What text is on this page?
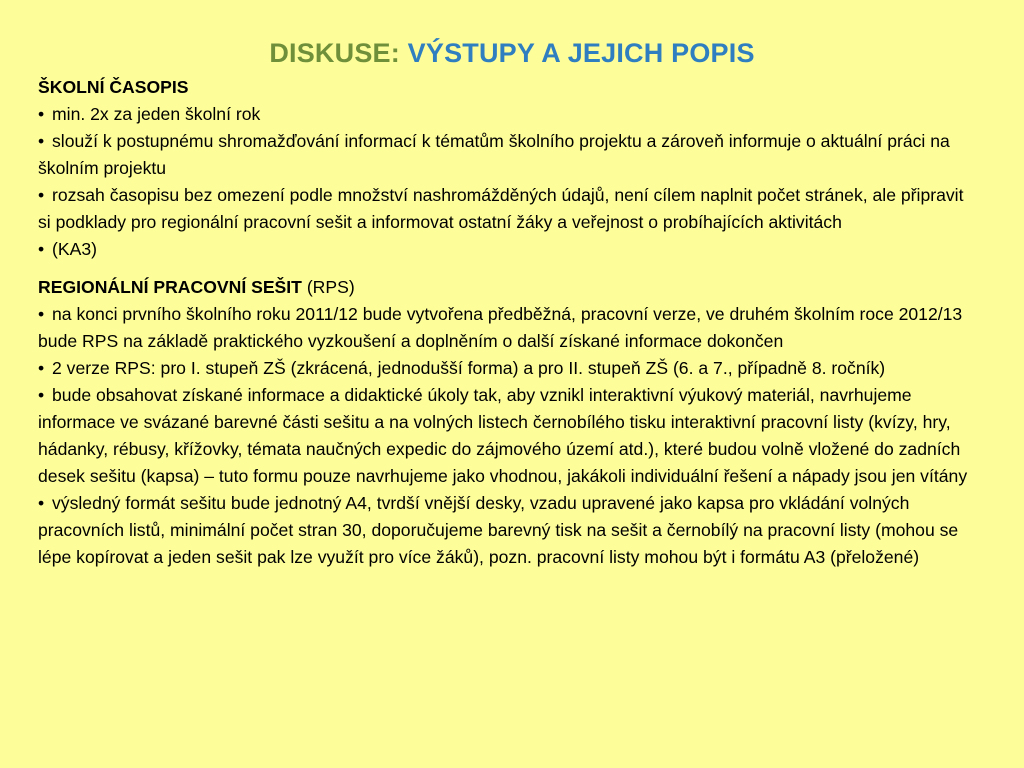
DISKUSE: VÝSTUPY A JEJICH POPIS
ŠKOLNÍ ČASOPIS
• min. 2x za jeden školní rok
• slouží k postupnému shromažďování informací k tématům školního projektu a zároveň informuje o aktuální práci na školním projektu
• rozsah časopisu bez omezení podle množství nashromážděných údajů, není cílem naplnit počet stránek, ale připravit si podklady pro regionální pracovní sešit a informovat ostatní žáky a veřejnost o probíhajících aktivitách
• (KA3)
REGIONÁLNÍ PRACOVNÍ SEŠIT (RPS)
• na konci prvního školního roku 2011/12 bude vytvořena předběžná, pracovní verze, ve druhém školním roce 2012/13 bude RPS na základě praktického vyzkoušení a doplněním o další získané informace dokončen
• 2 verze RPS: pro I. stupeň ZŠ (zkrácená, jednodušší forma) a pro II. stupeň ZŠ (6. a 7., případně 8. ročník)
• bude obsahovat získané informace a didaktické úkoly tak, aby vznikl interaktivní výukový materiál, navrhujeme informace ve svázané barevné části sešitu a na volných listech černobílého tisku interaktivní pracovní listy (kvízy, hry, hádanky, rébusy, křížovky, témata naučných expedic do zájmového území atd.), které budou volně vložené do zadních desek sešitu (kapsa) – tuto formu pouze navrhujeme jako vhodnou, jakákoli individuální řešení a nápady jsou jen vítány
• výsledný formát sešitu bude jednotný A4, tvrdší vnější desky, vzadu upravené jako kapsa pro vkládání volných pracovních listů, minimální počet stran 30, doporučujeme barevný tisk na sešit a černobílý na pracovní listy (mohou se lépe kopírovat a jeden sešit pak lze využít pro více žáků), pozn. pracovní listy mohou být i formátu A3 (přeložené)
